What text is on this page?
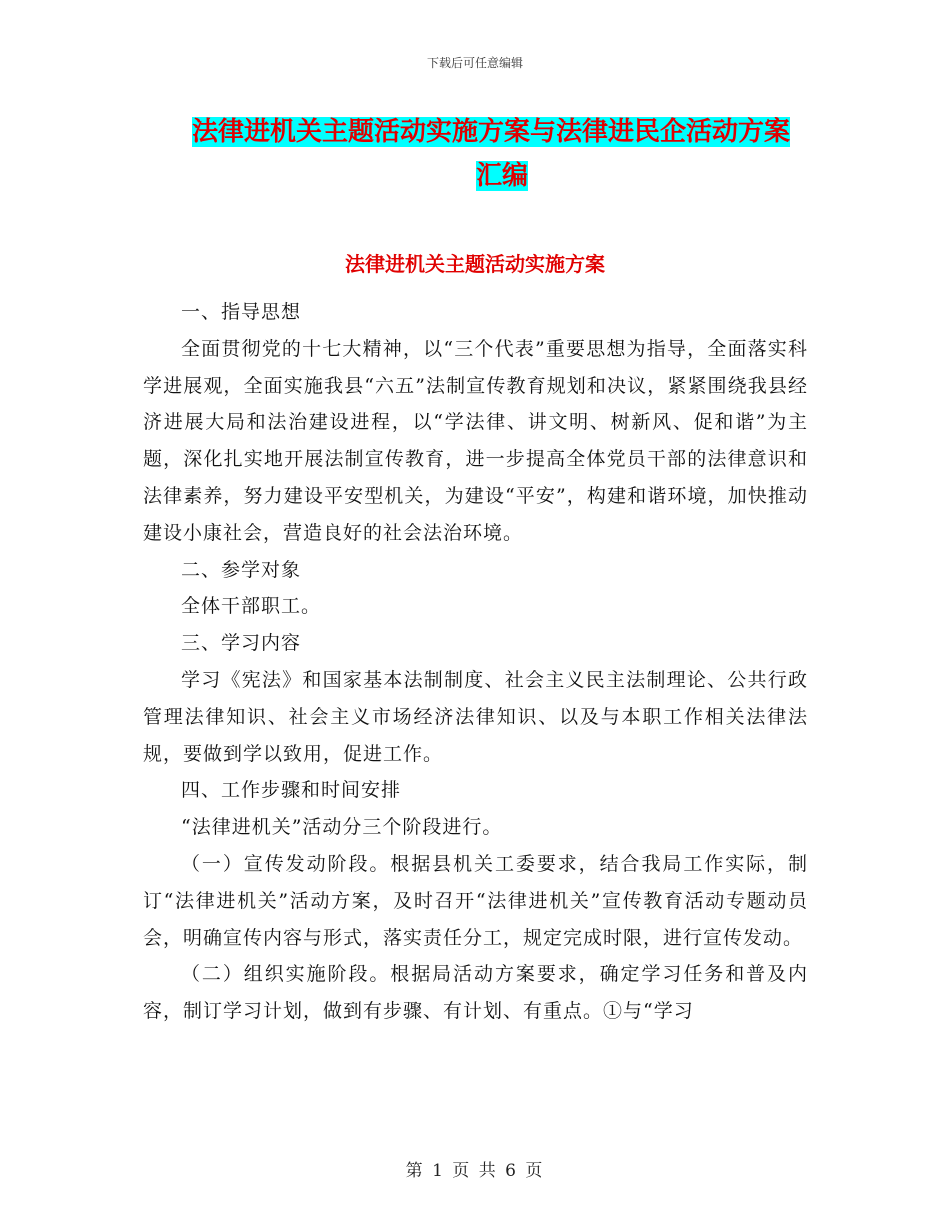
下载后可任意编辑
法律进机关主题活动实施方案与法律进民企活动方案
汇编
法律进机关主题活动实施方案

一、指导思想

全面贯彻党的十七大精神，以“三个代表”重要思想为指导，全面落实科学进展观，全面实施我县“六五”法制宣传教育规划和决议，紧紧围绕我县经济进展大局和法治建设进程，以“学法律、讲文明、树新风、促和谐”为主题，深化扎实地开展法制宣传教育，进一步提高全体党员干部的法律意识和法律素养，努力建设平安型机关，为建设“平安”，构建和谐环境，加快推动建设小康社会，营造良好的社会法治环境。

二、参学对象

全体干部职工。

三、学习内容

学习《宪法》和国家基本法制制度、社会主义民主法制理论、公共行政管理法律知识、社会主义市场经济法律知识、以及与本职工作相关法律法规，要做到学以致用，促进工作。

四、工作步骤和时间安排

“法律进机关”活动分三个阶段进行。

（一）宣传发动阶段。根据县机关工委要求，结合我局工作实际，制订“法律进机关”活动方案，及时召开“法律进机关”宣传教育活动专题动员会，明确宣传内容与形式，落实责任分工，规定完成时限，进行宣传发动。

（二）组织实施阶段。根据局活动方案要求，确定学习任务和普及内容，制订学习计划，做到有步骤、有计划、有重点。①与“学习

第 1 页 共 6 页
